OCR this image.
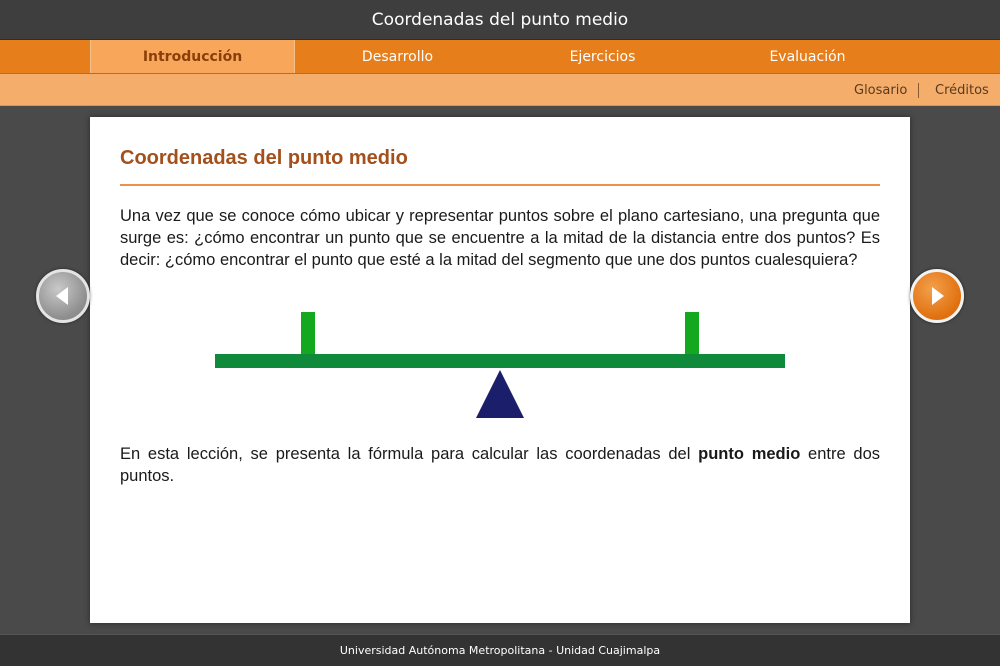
Coordenadas del punto medio
Introducción	Desarrollo	Ejercicios	Evaluación
Glosario Créditos
Coordenadas del punto medio
Una vez que se conoce cómo ubicar y representar puntos sobre el plano cartesiano, una pregunta que surge es: ¿cómo encontrar un punto que se encuentre a la mitad de la distancia entre dos puntos? Es decir: ¿cómo encontrar el punto que esté a la mitad del segmento que une dos puntos cualesquiera?
En esta lección, se presenta la fórmula para calcular las coordenadas del punto medio entre dos puntos.
Universidad Autónoma Metropolitana - Unidad Cuajimalpa
